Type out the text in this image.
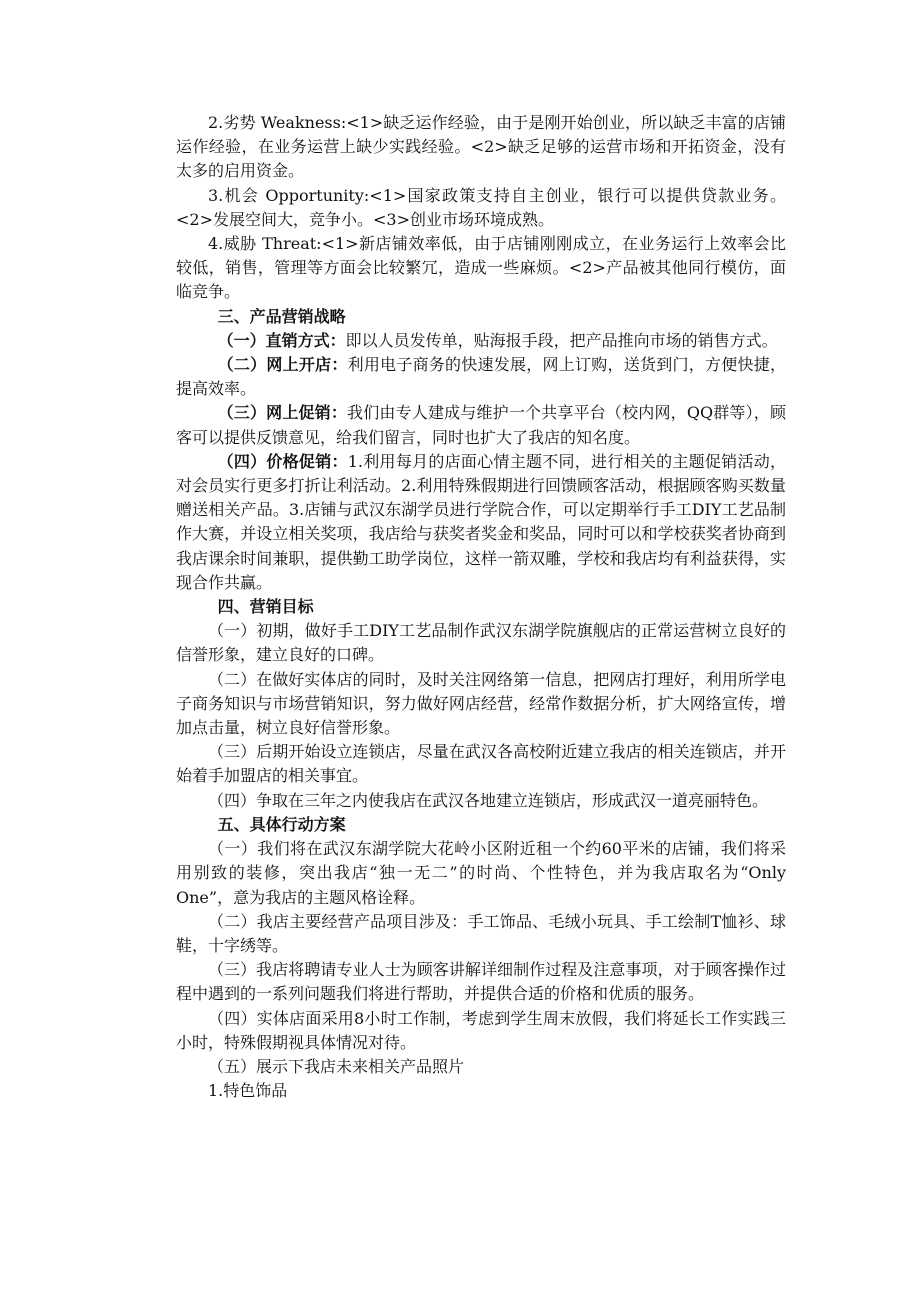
2.劣势 Weakness:<1>缺乏运作经验，由于是刚开始创业，所以缺乏丰富的店铺运作经验，在业务运营上缺少实践经验。<2>缺乏足够的运营市场和开拓资金，没有太多的启用资金。

3.机会 Opportunity:<1>国家政策支持自主创业，银行可以提供贷款业务。<2>发展空间大，竞争小。<3>创业市场环境成熟。

4.威胁 Threat:<1>新店铺效率低，由于店铺刚刚成立，在业务运行上效率会比较低，销售，管理等方面会比较繁冗，造成一些麻烦。<2>产品被其他同行模仿，面临竞争。

三、产品营销战略

（一）直销方式：即以人员发传单，贴海报手段，把产品推向市场的销售方式。

（二）网上开店：利用电子商务的快速发展，网上订购，送货到门，方便快捷，提高效率。

（三）网上促销：我们由专人建成与维护一个共享平台（校内网，QQ群等），顾客可以提供反馈意见，给我们留言，同时也扩大了我店的知名度。

（四）价格促销：1.利用每月的店面心情主题不同，进行相关的主题促销活动，对会员实行更多打折让利活动。2.利用特殊假期进行回馈顾客活动，根据顾客购买数量赠送相关产品。3.店铺与武汉东湖学员进行学院合作，可以定期举行手工DIY工艺品制作大赛，并设立相关奖项，我店给与获奖者奖金和奖品，同时可以和学校获奖者协商到我店课余时间兼职，提供勤工助学岗位，这样一箭双雕，学校和我店均有利益获得，实现合作共赢。

四、营销目标

（一）初期，做好手工DIY工艺品制作武汉东湖学院旗舰店的正常运营树立良好的信誉形象，建立良好的口碑。

（二）在做好实体店的同时，及时关注网络第一信息，把网店打理好，利用所学电子商务知识与市场营销知识，努力做好网店经营，经常作数据分析，扩大网络宣传，增加点击量，树立良好信誉形象。

（三）后期开始设立连锁店，尽量在武汉各高校附近建立我店的相关连锁店，并开始着手加盟店的相关事宜。

（四）争取在三年之内使我店在武汉各地建立连锁店，形成武汉一道亮丽特色。

五、具体行动方案

（一）我们将在武汉东湖学院大花岭小区附近租一个约60平米的店铺，我们将采用别致的装修，突出我店“独一无二”的时尚、个性特色，并为我店取名为“Only One”，意为我店的主题风格诠释。

（二）我店主要经营产品项目涉及：手工饰品、毛绒小玩具、手工绘制T恤衫、球鞋，十字绣等。

（三）我店将聘请专业人士为顾客讲解详细制作过程及注意事项，对于顾客操作过程中遇到的一系列问题我们将进行帮助，并提供合适的价格和优质的服务。

（四）实体店面采用8小时工作制，考虑到学生周末放假，我们将延长工作实践三小时，特殊假期视具体情况对待。

（五）展示下我店未来相关产品照片

1.特色饰品
